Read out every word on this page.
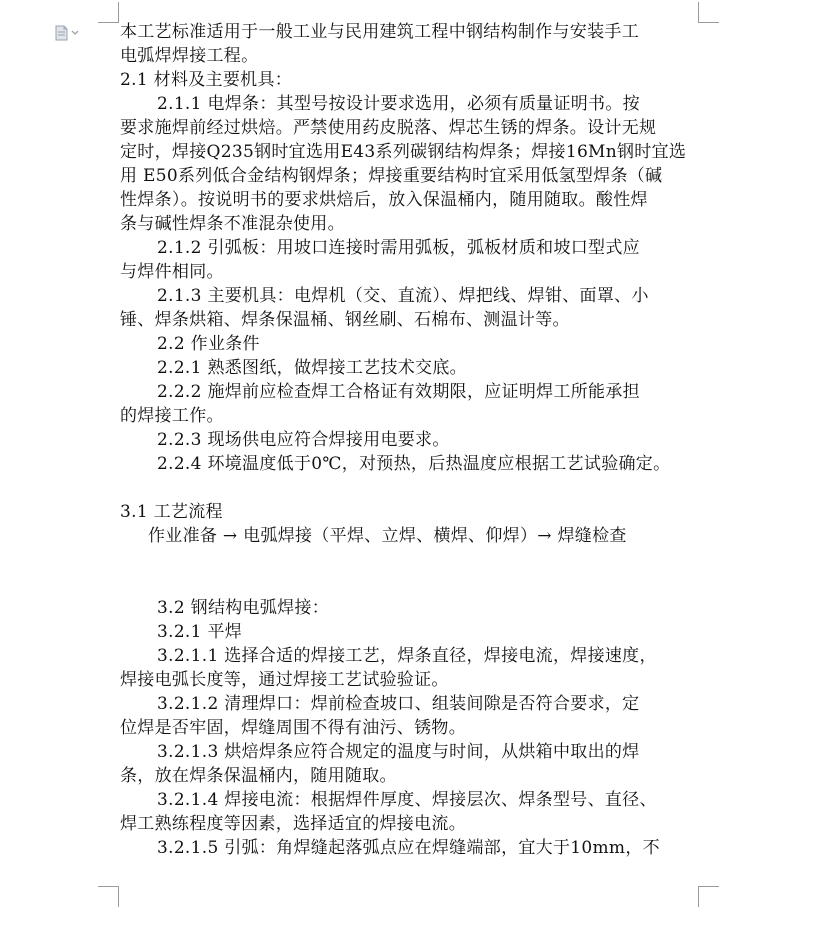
本工艺标准适用于一般工业与民用建筑工程中钢结构制作与安装手工
电弧焊焊接工程。
2.1 材料及主要机具：
2.1.1 电焊条：其型号按设计要求选用，必须有质量证明书。按
要求施焊前经过烘焙。严禁使用药皮脱落、焊芯生锈的焊条。设计无规
定时，焊接Q235钢时宜选用E43系列碳钢结构焊条；焊接16Mn钢时宜选
用 E50系列低合金结构钢焊条；焊接重要结构时宜采用低氢型焊条（碱
性焊条）。按说明书的要求烘焙后，放入保温桶内，随用随取。酸性焊
条与碱性焊条不准混杂使用。
2.1.2 引弧板：用坡口连接时需用弧板，弧板材质和坡口型式应
与焊件相同。
2.1.3 主要机具：电焊机（交、直流）、焊把线、焊钳、面罩、小
锤、焊条烘箱、焊条保温桶、钢丝刷、石棉布、测温计等。
2.2 作业条件
2.2.1 熟悉图纸，做焊接工艺技术交底。
2.2.2 施焊前应检查焊工合格证有效期限，应证明焊工所能承担
的焊接工作。
2.2.3 现场供电应符合焊接用电要求。
2.2.4 环境温度低于0℃，对预热，后热温度应根据工艺试验确定。
3.1 工艺流程
作业准备 → 电弧焊接（平焊、立焊、横焊、仰焊）→ 焊缝检查
3.2 钢结构电弧焊接：
3.2.1 平焊
3.2.1.1 选择合适的焊接工艺，焊条直径，焊接电流，焊接速度，
焊接电弧长度等，通过焊接工艺试验验证。
3.2.1.2 清理焊口：焊前检查坡口、组装间隙是否符合要求，定
位焊是否牢固，焊缝周围不得有油污、锈物。
3.2.1.3 烘焙焊条应符合规定的温度与时间，从烘箱中取出的焊
条，放在焊条保温桶内，随用随取。
3.2.1.4 焊接电流：根据焊件厚度、焊接层次、焊条型号、直径、
焊工熟练程度等因素，选择适宜的焊接电流。
3.2.1.5 引弧：角焊缝起落弧点应在焊缝端部，宜大于10mm，不
